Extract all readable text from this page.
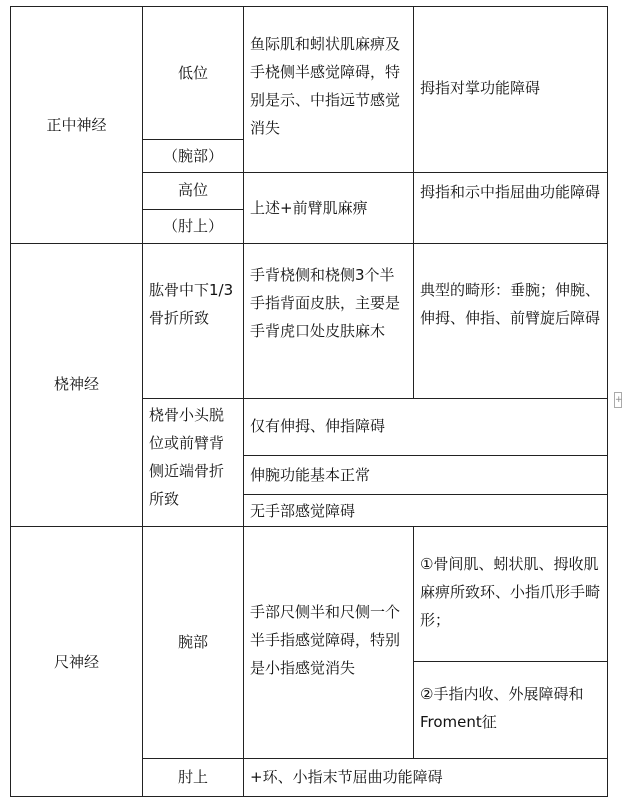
正中神经
低位
（腕部）
鱼际肌和蚓状肌麻痹及手桡侧半感觉障碍，特别是示、中指远节感觉消失
拇指对掌功能障碍
高位
（肘上）
上述+前臂肌麻痹
拇指和示中指屈曲功能障碍
桡神经
肱骨中下1/3骨折所致
手背桡侧和桡侧3个半手指背面皮肤，主要是手背虎口处皮肤麻木
典型的畸形：垂腕；伸腕、伸拇、伸指、前臂旋后障碍
桡骨小头脱位或前臂背侧近端骨折所致
仅有伸拇、伸指障碍
伸腕功能基本正常
无手部感觉障碍
尺神经
腕部
手部尺侧半和尺侧一个半手指感觉障碍，特别是小指感觉消失
①骨间肌、蚓状肌、拇收肌麻痹所致环、小指爪形手畸形；
②手指内收、外展障碍和Froment征
肘上	+环、小指末节屈曲功能障碍
+
